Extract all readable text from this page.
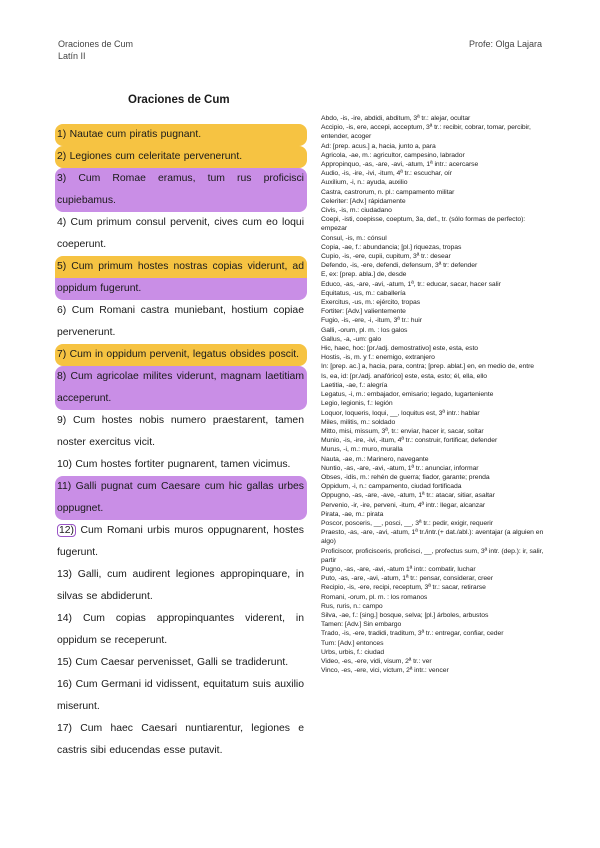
Oraciones de Cum
Latín II
Profe: Olga Lajara
Oraciones de Cum
1) Nautae cum piratis pugnant.
2) Legiones cum celeritate pervenerunt.
3) Cum Romae eramus, tum rus proficisci cupiebamus.
4) Cum primum consul pervenit, cives cum eo loqui coeperunt.
5) Cum primum hostes nostras copias viderunt, ad oppidum fugerunt.
6) Cum Romani castra muniebant, hostium copiae pervenerunt.
7) Cum in oppidum pervenit, legatus obsides poscit.
8) Cum agricolae milites viderunt, magnam laetitiam acceperunt.
9) Cum hostes nobis numero praestarent, tamen noster exercitus vicit.
10) Cum hostes fortiter pugnarent, tamen vicimus.
11) Galli pugnat cum Caesare cum hic gallas urbes oppugnet.
12) Cum Romani urbis muros oppugnarent, hostes fugerunt.
13) Galli, cum audirent legiones appropinquare, in silvas se abdiderunt.
14) Cum copias appropinquantes viderent, in oppidum se receperunt.
15) Cum Caesar pervenisset, Galli se tradiderunt.
16) Cum Germani id vidissent, equitatum suis auxilio miserunt.
17) Cum haec Caesari nuntiarentur, legiones e castris sibi educendas esse putavit.
Abdo, -is, -ire, abdidi, abditum, 3ª tr.: alejar, ocultar
Accipio, -is, ere, accepi, acceptum, 3ª tr.: recibir, cobrar, tomar, percibir, entender, acoger
Ad: [prep. acus.] a, hacia, junto a, para
Agricola, -ae, m.: agricultor, campesino, labrador
Appropinquo, -as, -are, -avi, -atum, 1ª intr.: acercarse
Audio, -is, -ire, -ivi, -itum, 4ª tr.: escuchar, oír
Auxilium, -i, n.: ayuda, auxilio
Castra, castrorum, n. pl.: campamento militar
Celeriter: [Adv.] rápidamente
Civis, -is, m.: ciudadano
Coepi, -isti, coepisse, coeptum, 3a, def., tr. (sólo formas de perfecto): empezar
Consul, -is, m.: cónsul
Copia, -ae, f.: abundancia; [pl.] riquezas, tropas
Cupio, -is, -ere, cupii, cupitum, 3ª tr.: desear
Defendo, -is, -ere, defendi, defensum, 3ª tr: defender
E, ex: [prep. abla.] de, desde
Educo, -as, -are, -avi, -atum, 1ª, tr.: educar, sacar, hacer salir
Equitatus, -us, m.: caballería
Exercitus, -us, m.: ejército, tropas
Fortiter: [Adv.] valientemente
Fugio, -is, -ere, -i, -itum, 3ª tr.: huir
Galli, -orum, pl. m. : los galos
Gallus, -a, -um: galo
Hic, haec, hoc: [pr./adj. demostrativo] este, esta, esto
Hostis, -is, m. y f.: enemigo, extranjero
In: [prep. ac.] a, hacia, para, contra; [prep. ablat.] en, en medio de, entre
Is, ea, id: [pr./adj. anafórico] este, esta, esto; él, ella, ello
Laetitia, -ae, f.: alegría
Legatus, -i, m.: embajador, emisario; legado, lugarteniente
Legio, legionis, f.: legión
Loquor, loqueris, loqui, __, loquitus est, 3ª intr.: hablar
Miles, militis, m.: soldado
Mitto, misi, missum, 3ª, tr.: enviar, hacer ir, sacar, soltar
Munio, -is, -ire, -ivi, -itum, 4ª tr.: construir, fortificar, defender
Murus, -i, m.: muro, muralla
Nauta, -ae, m.: Marinero, navegante
Nuntio, -as, -are, -avi, -atum, 1ª tr.: anunciar, informar
Obses, -idis, m.: rehén de guerra; fiador, garante; prenda
Oppidum, -i, n.: campamento, ciudad fortificada
Oppugno, -as, -are, -ave, -atum, 1ª tr.: atacar, sitiar, asaltar
Pervenio, -ir, -ire, perveni, -itum, 4ª intr.: llegar, alcanzar
Pirata, -ae, m.: pirata
Poscor, posceris, __, posci, __, 3ª tr.: pedir, exigir, requerir
Praesto, -as, -are, -avi, -atum, 1ª tr./intr.(+ dat./abl.): aventajar (a alguien en algo)
Proficiscor, proficisceris, proficisci, __, profectus sum, 3ª intr. (dep.): ir, salir, partir
Pugno, -as, -are, -avi, -atum 1ª intr.: combatir, luchar
Puto, -as, -are, -avi, -atum, 1ª tr.: pensar, considerar, creer
Recipio, -is, -ere, recipi, receptum, 3ª tr.: sacar, retirarse
Romani, -orum, pl. m. : los romanos
Rus, ruris, n.: campo
Silva, -ae, f.: [sing.] bosque, selva; [pl.] árboles, arbustos
Tamen: [Adv.] Sin embargo
Trado, -is, -ere, tradidi, traditum, 3ª tr.: entregar, confiar, ceder
Tum: [Adv.] entonces
Urbs, urbis, f.: ciudad
Video, -es, -ere, vidi, visum, 2ª tr.: ver
Vinco, -es, -ere, vici, victum, 2ª intr.: vencer
